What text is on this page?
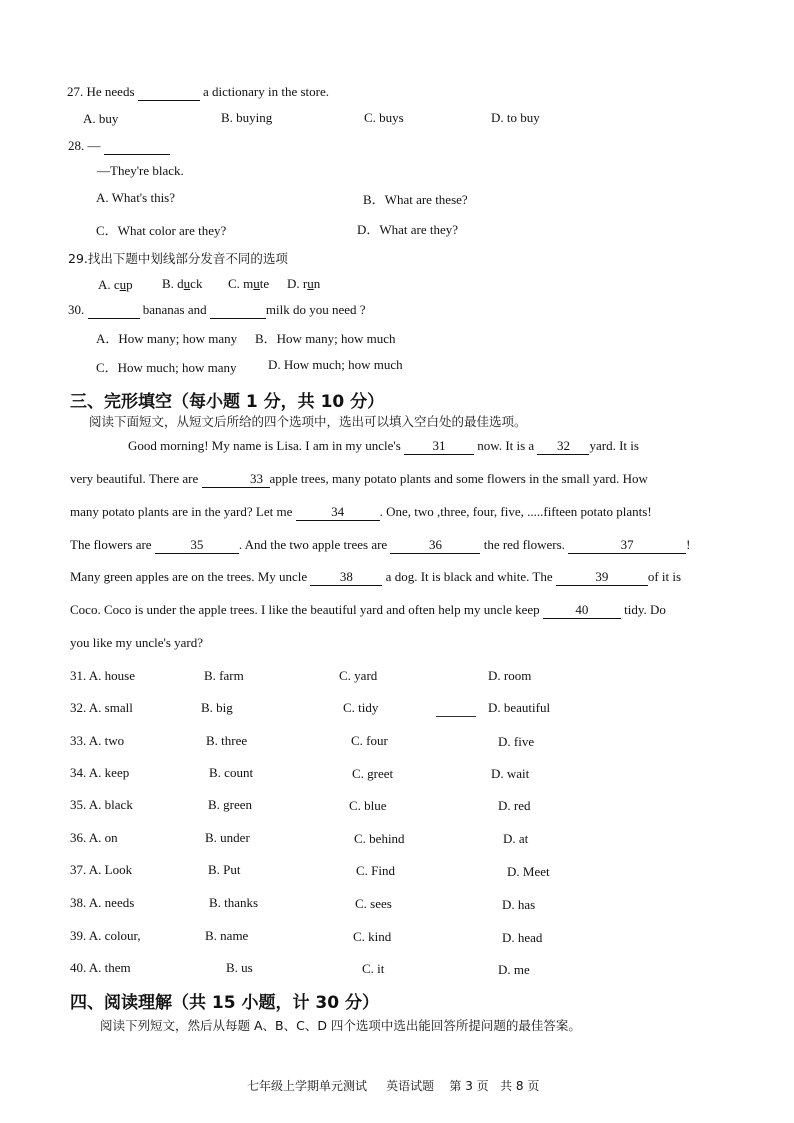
27. He needs	a dictionary in the store.
A. buy	B. buying	C. buys	D. to buy
28. —
—They're black.
A. What's this?	B．What are these?
C．What color are they?	D．What are they?
29.找出下题中划线部分发音不同的选项
A. cup B. duck C. mute D. run
30.	bananas and	milk do you need ?
A．How many; how many B．How many; how much
C．How much; how many D. How much; how much
三、完形填空（每小题 1 分，共 10 分）
阅读下面短文，从短文后所给的四个选项中，选出可以填入空白处的最佳选项。
Good morning! My name is Lisa. I am in my uncle's 31 now. It is a 32 yard. It is
very beautiful. There are	33 apple trees, many potato plants and some flowers in the small yard. How
many potato plants are in the yard? Let me	34	. One, two ,three, four, five, .....fifteen potato plants!
The flowers are	35	. And the two apple trees are	36	the red flowers.	37	!
Many green apples are on the trees. My uncle	38	a dog. It is black and white. The	39	of it is
Coco. Coco is under the apple trees. I like the beautiful yard and often help my uncle keep	40	tidy. Do
you like my uncle's yard?
31. A. house	B. farm	C. yard	D. room
32. A. small	B. big	C. tidy	D. beautiful
33. A. two	B. three	C. four	D. five
34. A. keep	B. count	C. greet	D. wait
35. A. black	B. green	C. blue	D. red
36. A. on	B. under	C. behind	D. at
37. A. Look	B. Put	C. Find	D. Meet
38. A. needs	B. thanks	C. sees	D. has
39. A. colour,	B. name	C. kind	D. head
40. A. them	B. us	C. it	D. me
四、阅读理解（共 15 小题，计 30 分）
阅读下列短文，然后从每题 A、B、C、D 四个选项中选出能回答所提问题的最佳答案。
七年级上学期单元测试 英语试题 第 3 页 共 8 页
